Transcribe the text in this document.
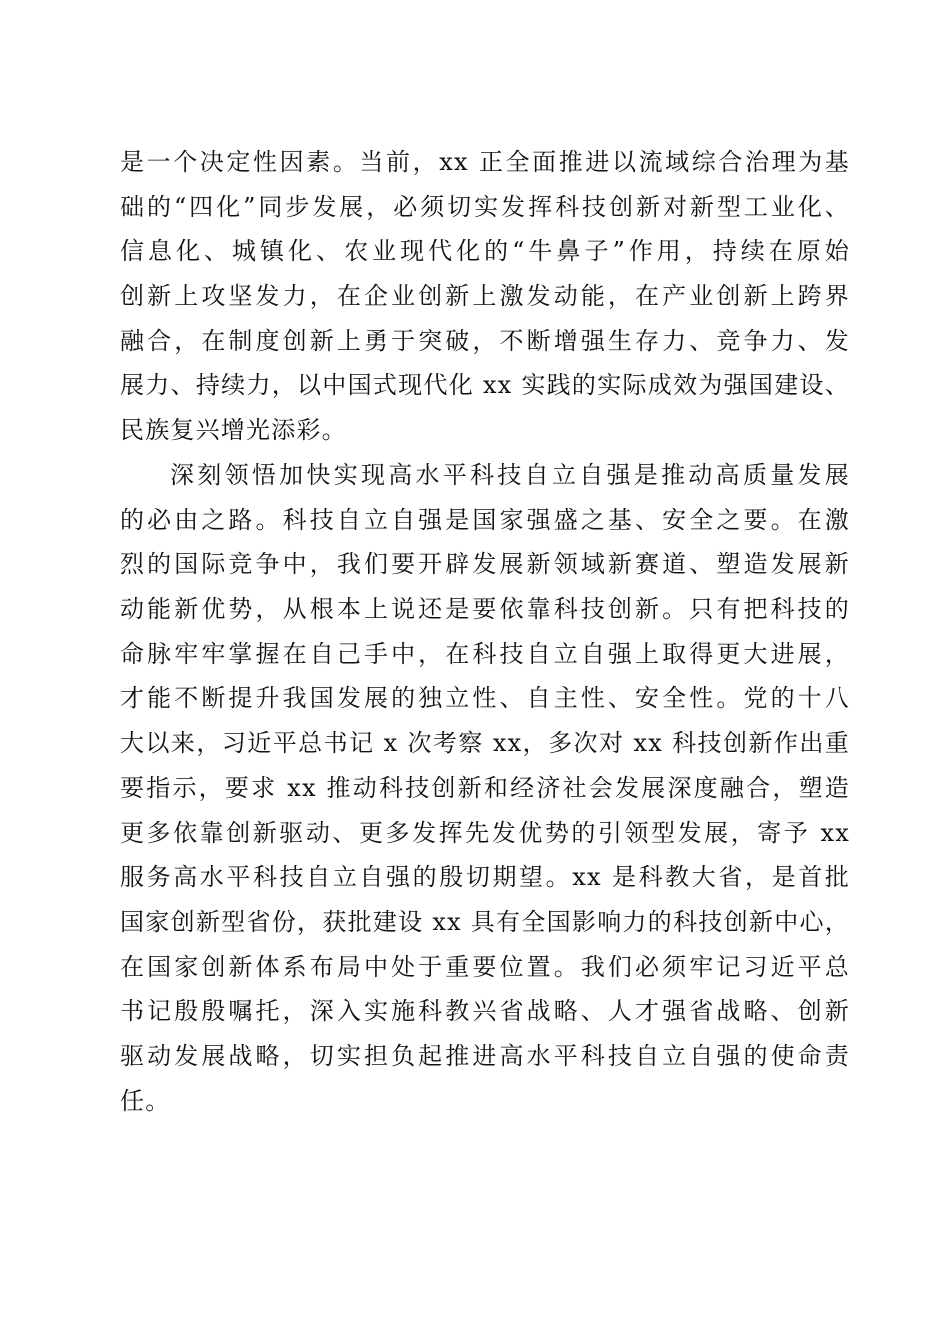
是一个决定性因素。当前，xx 正全面推进以流域综合治理为基
础的“四化”同步发展，必须切实发挥科技创新对新型工业化、
信息化、城镇化、农业现代化的“牛鼻子”作用，持续在原始
创新上攻坚发力，在企业创新上激发动能，在产业创新上跨界
融合，在制度创新上勇于突破，不断增强生存力、竞争力、发
展力、持续力，以中国式现代化 xx 实践的实际成效为强国建设、
民族复兴增光添彩。
深刻领悟加快实现高水平科技自立自强是推动高质量发展
的必由之路。科技自立自强是国家强盛之基、安全之要。在激
烈的国际竞争中，我们要开辟发展新领域新赛道、塑造发展新
动能新优势，从根本上说还是要依靠科技创新。只有把科技的
命脉牢牢掌握在自己手中，在科技自立自强上取得更大进展，
才能不断提升我国发展的独立性、自主性、安全性。党的十八
大以来，习近平总书记 x 次考察 xx，多次对 xx 科技创新作出重
要指示，要求 xx 推动科技创新和经济社会发展深度融合，塑造
更多依靠创新驱动、更多发挥先发优势的引领型发展，寄予 xx
服务高水平科技自立自强的殷切期望。xx 是科教大省，是首批
国家创新型省份，获批建设 xx 具有全国影响力的科技创新中心，
在国家创新体系布局中处于重要位置。我们必须牢记习近平总
书记殷殷嘱托，深入实施科教兴省战略、人才强省战略、创新
驱动发展战略，切实担负起推进高水平科技自立自强的使命责
任。
